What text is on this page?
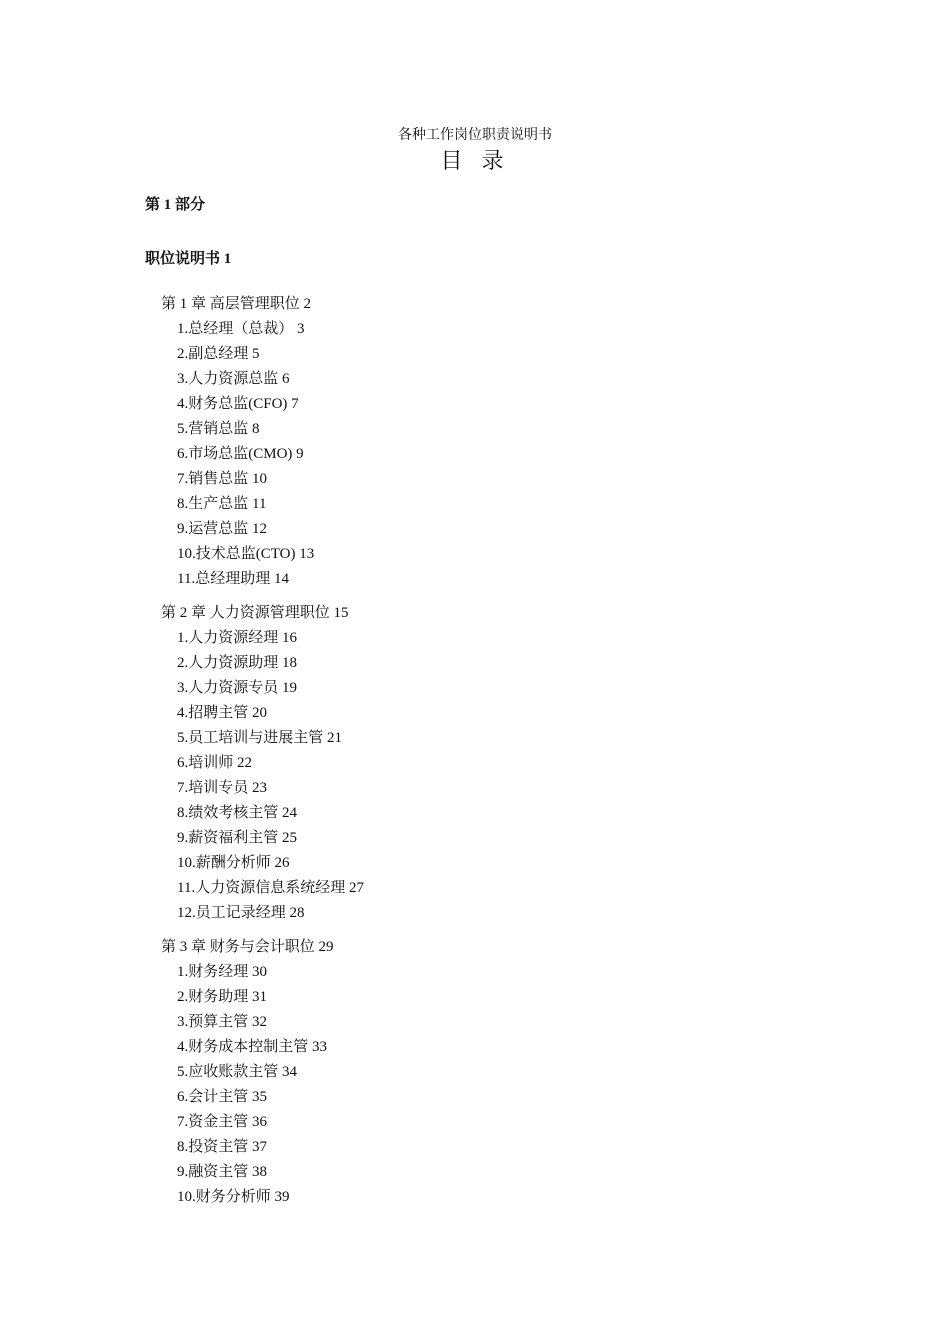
各种工作岗位职责说明书
目 录
第 1 部分
职位说明书 1
第 1 章 高层管理职位 2
1.总经理（总裁） 3
2.副总经理 5
3.人力资源总监 6
4.财务总监(CFO) 7
5.营销总监 8
6.市场总监(CMO) 9
7.销售总监 10
8.生产总监 11
9.运营总监 12
10.技术总监(CTO) 13
11.总经理助理 14
第 2 章 人力资源管理职位 15
1.人力资源经理 16
2.人力资源助理 18
3.人力资源专员 19
4.招聘主管 20
5.员工培训与进展主管 21
6.培训师 22
7.培训专员 23
8.绩效考核主管 24
9.薪资福利主管 25
10.薪酬分析师 26
11.人力资源信息系统经理 27
12.员工记录经理 28
第 3 章 财务与会计职位 29
1.财务经理 30
2.财务助理 31
3.预算主管 32
4.财务成本控制主管 33
5.应收账款主管 34
6.会计主管 35
7.资金主管 36
8.投资主管 37
9.融资主管 38
10.财务分析师 39
